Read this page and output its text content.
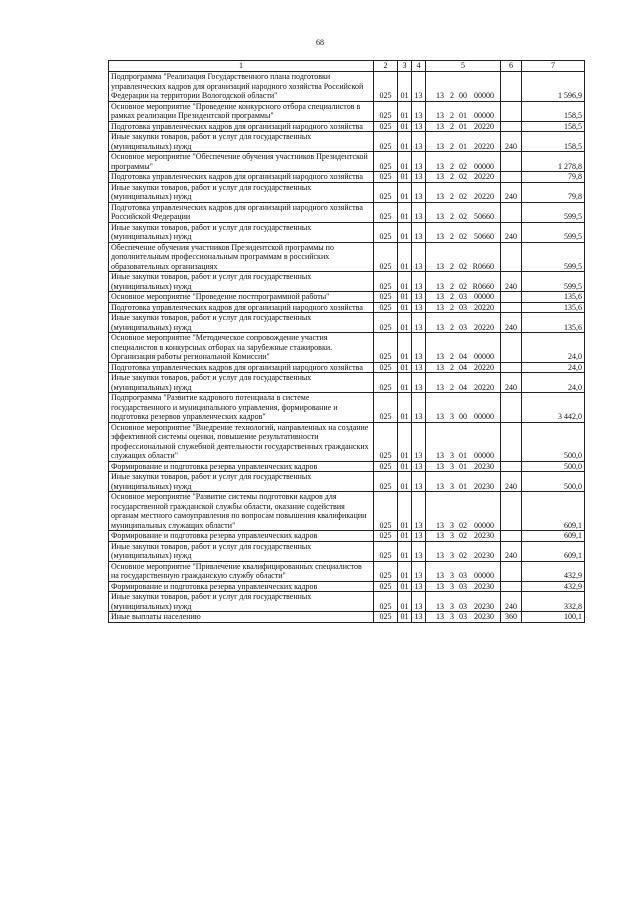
68
1	2	3	4	5	6	7
Подпрограмма "Реализация Государственного плана подготовки управленческих кадров для организаций народного хозяйства Российской Федерации на территории Вологодской области"	025	01	13	13 2 00 00000		1 596,9
Основное мероприятие "Проведение конкурсного отбора специалистов в рамках реализации Президентской программы"	025	01	13	13 2 01 00000		158,5
Подготовка управленческих кадров для организаций народного хозяйства	025	01	13	13 2 01 20220		158,5
Иные закупки товаров, работ и услуг для государственных (муниципальных) нужд	025	01	13	13 2 01 20220	240	158,5
Основное мероприятие "Обеспечение обучения участников Президентской программы"	025	01	13	13 2 02 00000		1 278,8
Подготовка управленческих кадров для организаций народного хозяйства	025	01	13	13 2 02 20220		79,8
Иные закупки товаров, работ и услуг для государственных (муниципальных) нужд	025	01	13	13 2 02 20220	240	79,8
Подготовка управленческих кадров для организаций народного хозяйства Российской Федерации	025	01	13	13 2 02 50660		599,5
Иные закупки товаров, работ и услуг для государственных (муниципальных) нужд	025	01	13	13 2 02 50660	240	599,5
Обеспечение обучения участников Президентской программы по дополнительным профессиональным программам в российских образовательных организациях	025	01	13	13 2 02 R0660		599,5
Иные закупки товаров, работ и услуг для государственных (муниципальных) нужд	025	01	13	13 2 02 R0660	240	599,5
Основное мероприятие "Проведение постпрограммной работы"	025	01	13	13 2 03 00000		135,6
Подготовка управленческих кадров для организаций народного хозяйства	025	01	13	13 2 03 20220		135,6
Иные закупки товаров, работ и услуг для государственных (муниципальных) нужд	025	01	13	13 2 03 20220	240	135,6
Основное мероприятие "Методическое сопровождение участия специалистов в конкурсных отборах на зарубежные стажировки. Организация работы региональной Комиссии"	025	01	13	13 2 04 00000		24,0
Подготовка управленческих кадров для организаций народного хозяйства	025	01	13	13 2 04 20220		24,0
Иные закупки товаров, работ и услуг для государственных (муниципальных) нужд	025	01	13	13 2 04 20220	240	24,0
Подпрограмма "Развитие кадрового потенциала в системе государственного и муниципального управления, формирование и подготовка резервов управленческих кадров"	025	01	13	13 3 00 00000		3 442,0
Основное мероприятие "Внедрение технологий, направленных на создание эффективной системы оценки, повышение результативности профессиональной служебной деятельности государственных гражданских служащих области"	025	01	13	13 3 01 00000		500,0
Формирование и подготовка резерва управленческих кадров	025	01	13	13 3 01 20230		500,0
Иные закупки товаров, работ и услуг для государственных (муниципальных) нужд	025	01	13	13 3 01 20230	240	500,0
Основное мероприятие "Развитие системы подготовки кадров для государственной гражданской службы области, оказание содействия органам местного самоуправления по вопросам повышения квалификации муниципальных служащих области"	025	01	13	13 3 02 00000		609,1
Формирование и подготовка резерва управленческих кадров	025	01	13	13 3 02 20230		609,1
Иные закупки товаров, работ и услуг для государственных (муниципальных) нужд	025	01	13	13 3 02 20230	240	609,1
Основное мероприятие "Привлечение квалифицированных специалистов на государственную гражданскую службу области"	025	01	13	13 3 03 00000		432,9
Формирование и подготовка резерва управленческих кадров	025	01	13	13 3 03 20230		432,9
Иные закупки товаров, работ и услуг для государственных (муниципальных) нужд	025	01	13	13 3 03 20230	240	332,8
Иные выплаты населению	025	01	13	13 3 03 20230	360	100,1
